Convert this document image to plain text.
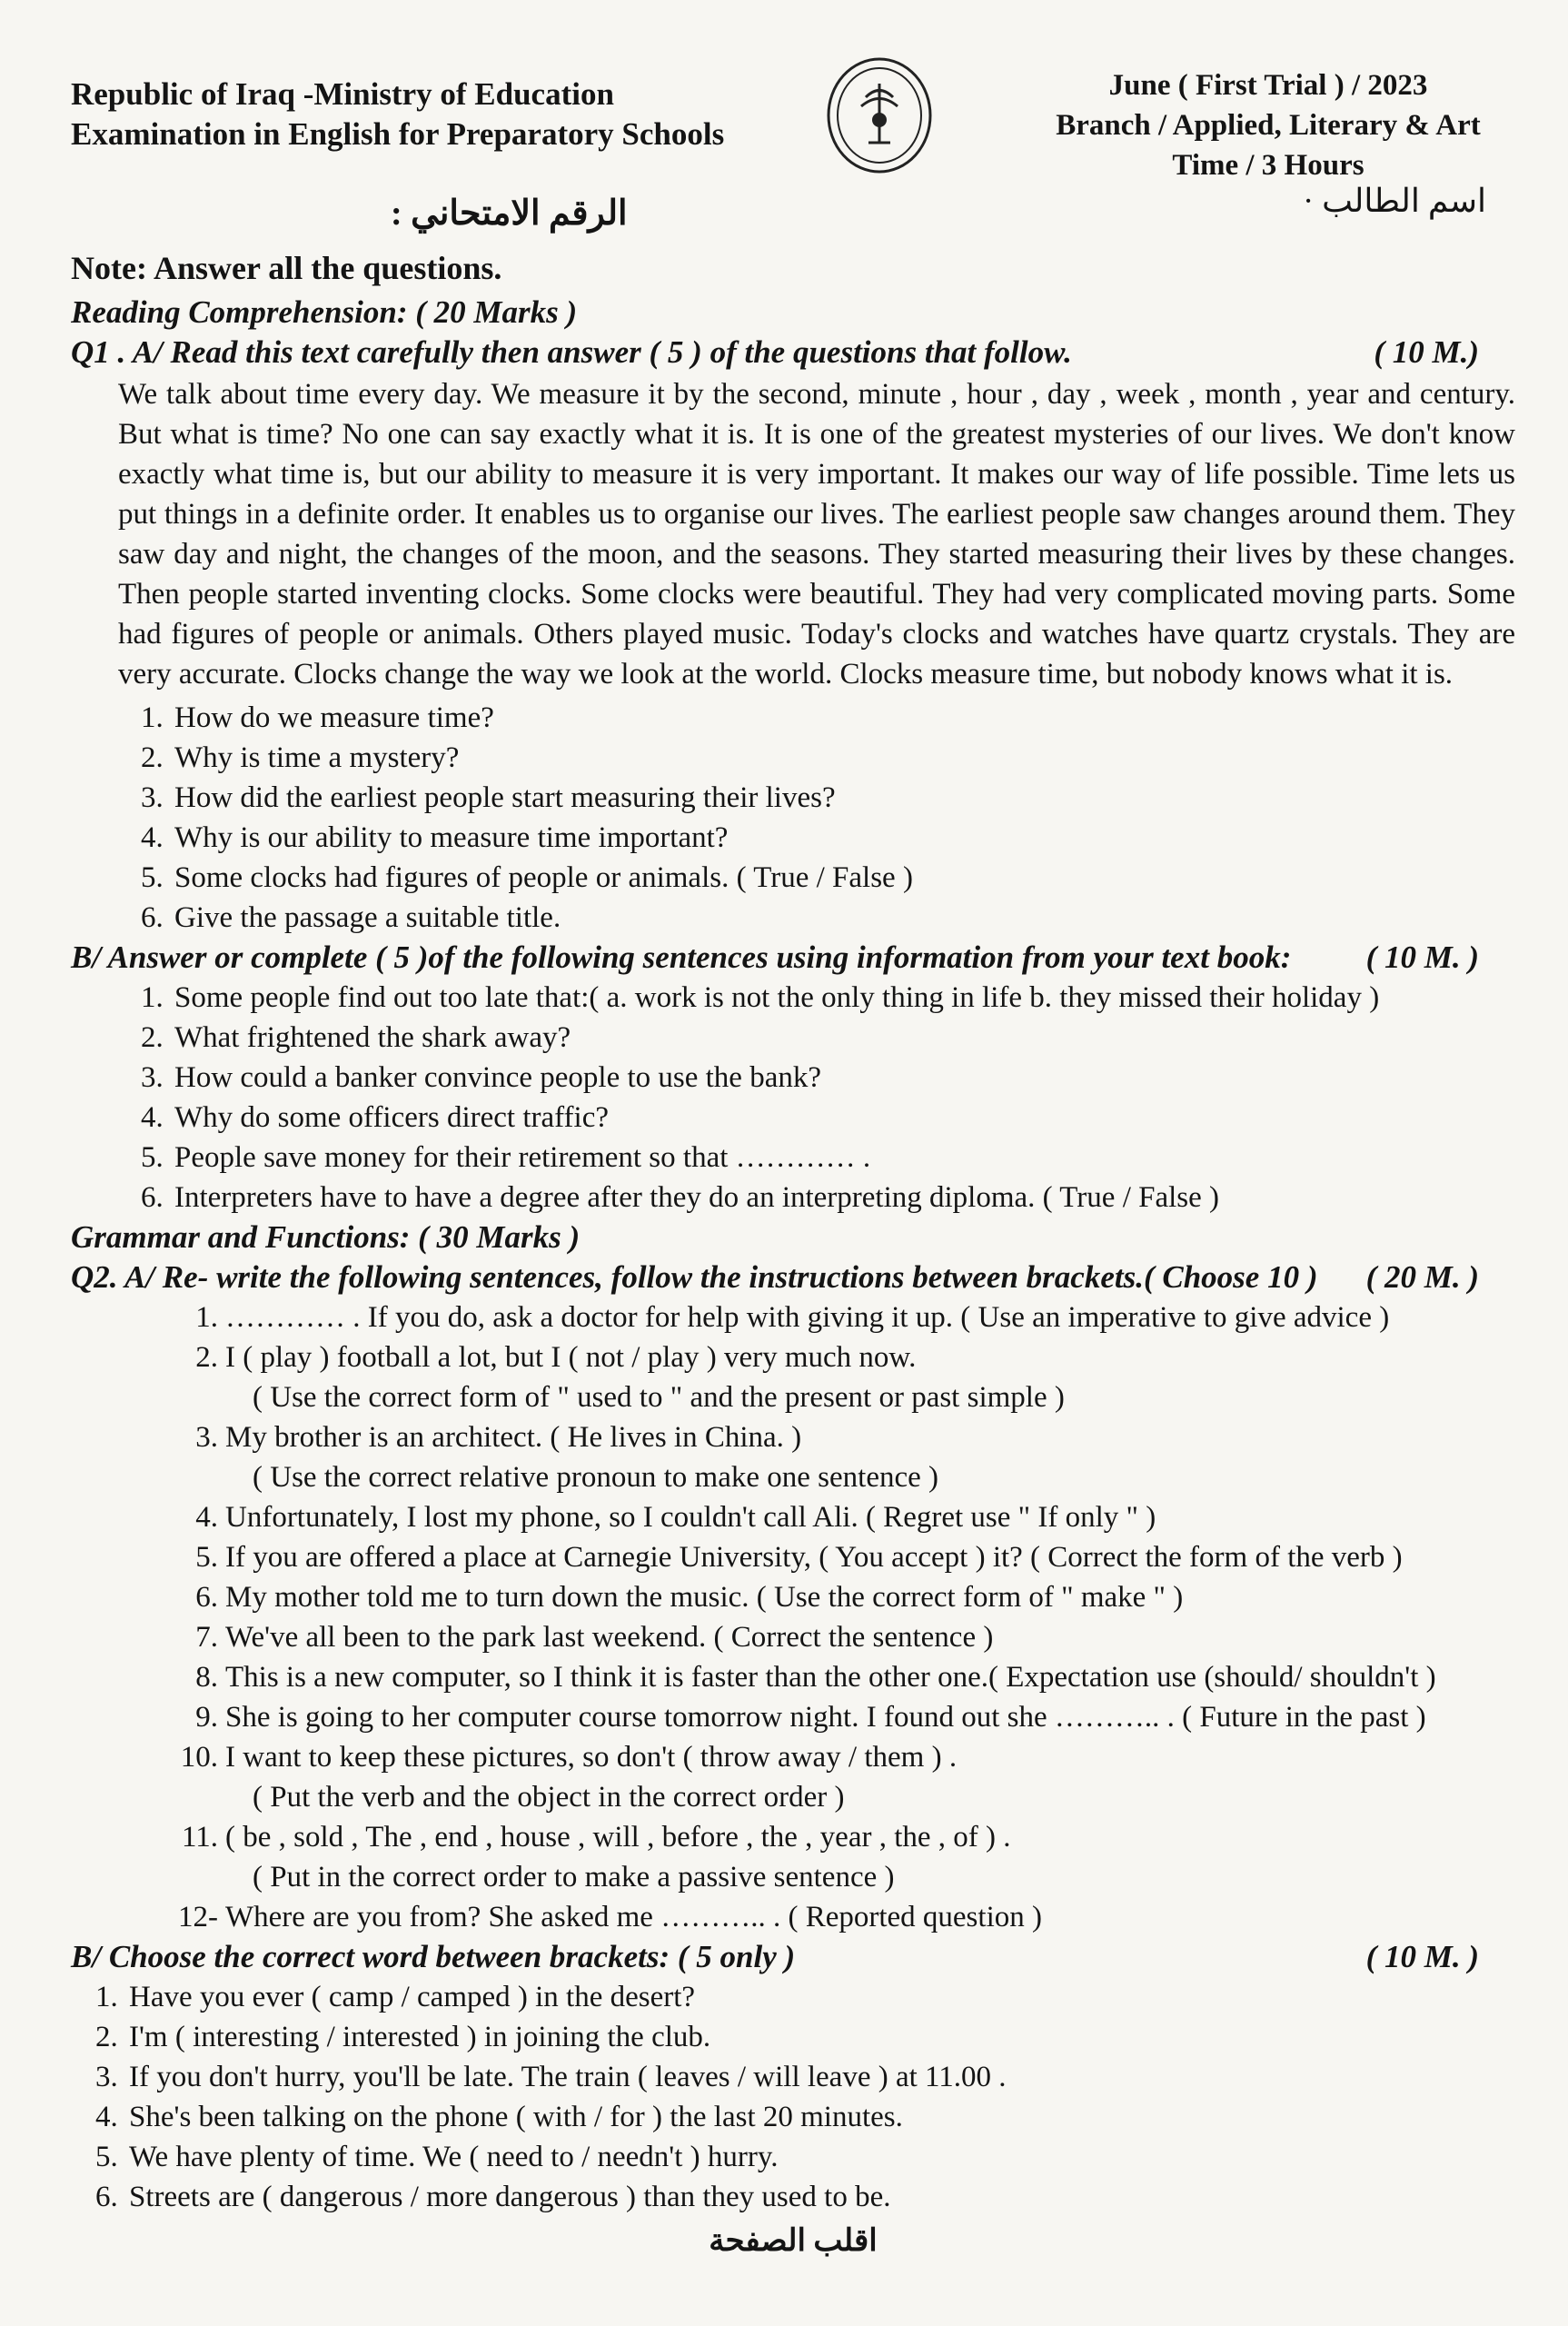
Republic of Iraq -Ministry of Education
Examination in English for Preparatory Schools
June ( First Trial ) / 2023
Branch / Applied, Literary & Art
Time / 3 Hours
الرقم الامتحاني :	اسم الطالب ·
Note: Answer all the questions.
Reading Comprehension: ( 20 Marks )
Q1 . A/ Read this text carefully then answer ( 5 ) of the questions that follow.	( 10 M.)
We talk about time every day. We measure it by the second, minute , hour , day , week , month , year and century. But what is time? No one can say exactly what it is. It is one of the greatest mysteries of our lives. We don't know exactly what time is, but our ability to measure it is very important. It makes our way of life possible. Time lets us put things in a definite order. It enables us to organise our lives. The earliest people saw changes around them. They saw day and night, the changes of the moon, and the seasons. They started measuring their lives by these changes. Then people started inventing clocks. Some clocks were beautiful. They had very complicated moving parts. Some had figures of people or animals. Others played music. Today's clocks and watches have quartz crystals. They are very accurate. Clocks change the way we look at the world. Clocks measure time, but nobody knows what it is.
1. How do we measure time?
2. Why is time a mystery?
3. How did the earliest people start measuring their lives?
4. Why is our ability to measure time important?
5. Some clocks had figures of people or animals. ( True / False )
6. Give the passage a suitable title.
B/ Answer or complete ( 5 )of the following sentences using information from your text book: ( 10 M. )
1. Some people find out too late that:( a. work is not the only thing in life b. they missed their holiday )
2. What frightened the shark away?
3. How could a banker convince people to use the bank?
4. Why do some officers direct traffic?
5. People save money for their retirement so that ………… .
6. Interpreters have to have a degree after they do an interpreting diploma. ( True / False )
Grammar and Functions: ( 30 Marks )
Q2. A/ Re- write the following sentences, follow the instructions between brackets.( Choose 10 ) ( 20 M. )
1. ………… . If you do, ask a doctor for help with giving it up. ( Use an imperative to give advice )
2. I ( play ) football a lot, but I ( not / play ) very much now.
( Use the correct form of " used to " and the present or past simple )
3. My brother is an architect. ( He lives in China. )
( Use the correct relative pronoun to make one sentence )
4. Unfortunately, I lost my phone, so I couldn't call Ali. ( Regret use " If only " )
5. If you are offered a place at Carnegie University, ( You accept ) it? ( Correct the form of the verb )
6. My mother told me to turn down the music. ( Use the correct form of " make " )
7. We've all been to the park last weekend. ( Correct the sentence )
8. This is a new computer, so I think it is faster than the other one.( Expectation use (should/ shouldn't )
9. She is going to her computer course tomorrow night. I found out she ……….. . ( Future in the past )
10. I want to keep these pictures, so don't ( throw away / them ) .
( Put the verb and the object in the correct order )
11. ( be , sold , The , end , house , will , before , the , year , the , of ) .
( Put in the correct order to make a passive sentence )
12- Where are you from? She asked me ……….. . ( Reported question )
B/ Choose the correct word between brackets: ( 5 only )	( 10 M. )
1. Have you ever ( camp / camped ) in the desert?
2. I'm ( interesting / interested ) in joining the club.
3. If you don't hurry, you'll be late. The train ( leaves / will leave ) at 11.00 .
4. She's been talking on the phone ( with / for ) the last 20 minutes.
5. We have plenty of time. We ( need to / needn't ) hurry.
6. Streets are ( dangerous / more dangerous ) than they used to be.
اقلب الصفحة
